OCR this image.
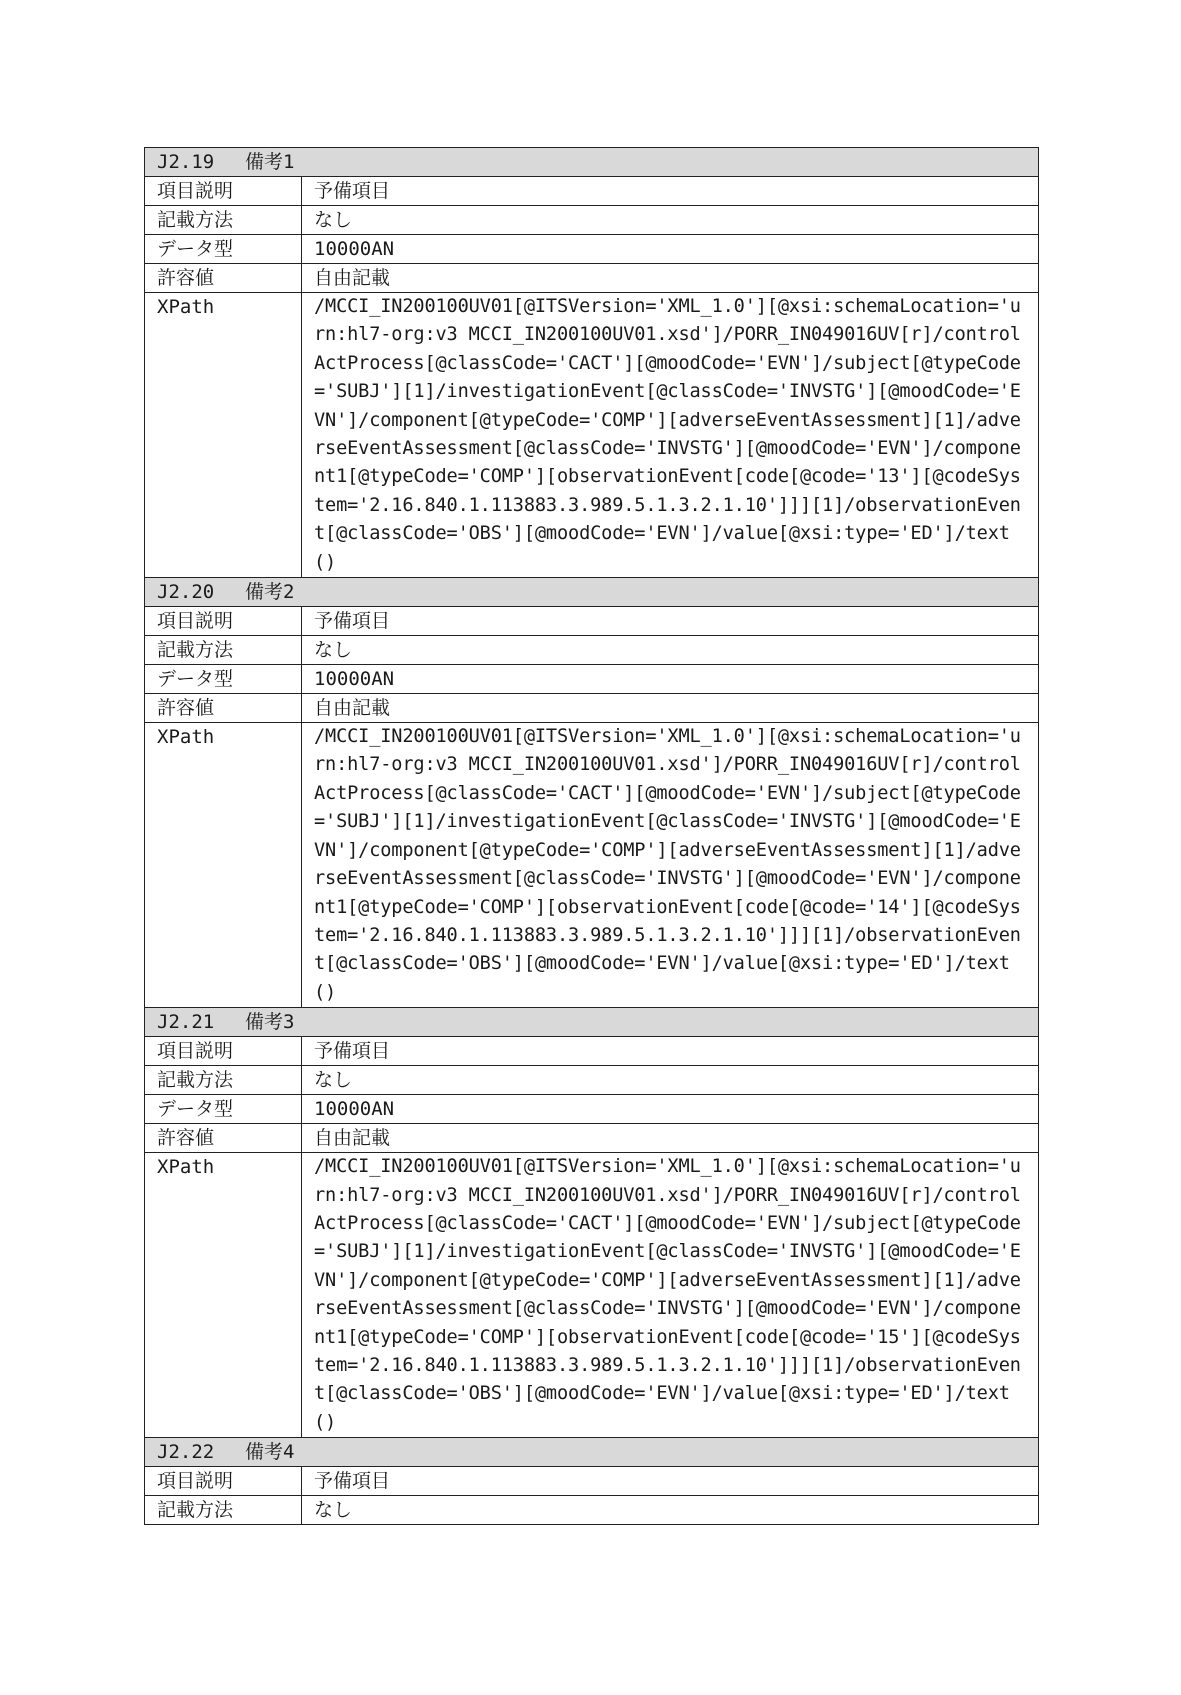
J2.19 備考1	
項目説明	予備項目
記載方法	なし
データ型	10000AN
許容値	自由記載
XPath	/MCCI_IN200100UV01[@ITSVersion='XML_1.0'][@xsi:schemaLocation='urn:hl7-org:v3 MCCI_IN200100UV01.xsd']/PORR_IN049016UV[r]/controlActProcess[@classCode='CACT'][@moodCode='EVN']/subject[@typeCode='SUBJ'][1]/investigationEvent[@classCode='INVSTG'][@moodCode='EVN']/component[@typeCode='COMP'][adverseEventAssessment][1]/adverseEventAssessment[@classCode='INVSTG'][@moodCode='EVN']/component1[@typeCode='COMP'][observationEvent[code[@code='13'][@codeSystem='2.16.840.1.113883.3.989.5.1.3.2.1.10']]][1]/observationEvent[@classCode='OBS'][@moodCode='EVN']/value[@xsi:type='ED']/text()
J2.20 備考2	
項目説明	予備項目
記載方法	なし
データ型	10000AN
許容値	自由記載
XPath	/MCCI_IN200100UV01[@ITSVersion='XML_1.0'][@xsi:schemaLocation='urn:hl7-org:v3 MCCI_IN200100UV01.xsd']/PORR_IN049016UV[r]/controlActProcess[@classCode='CACT'][@moodCode='EVN']/subject[@typeCode='SUBJ'][1]/investigationEvent[@classCode='INVSTG'][@moodCode='EVN']/component[@typeCode='COMP'][adverseEventAssessment][1]/adverseEventAssessment[@classCode='INVSTG'][@moodCode='EVN']/component1[@typeCode='COMP'][observationEvent[code[@code='14'][@codeSystem='2.16.840.1.113883.3.989.5.1.3.2.1.10']]][1]/observationEvent[@classCode='OBS'][@moodCode='EVN']/value[@xsi:type='ED']/text()
J2.21 備考3	
項目説明	予備項目
記載方法	なし
データ型	10000AN
許容値	自由記載
XPath	/MCCI_IN200100UV01[@ITSVersion='XML_1.0'][@xsi:schemaLocation='urn:hl7-org:v3 MCCI_IN200100UV01.xsd']/PORR_IN049016UV[r]/controlActProcess[@classCode='CACT'][@moodCode='EVN']/subject[@typeCode='SUBJ'][1]/investigationEvent[@classCode='INVSTG'][@moodCode='EVN']/component[@typeCode='COMP'][adverseEventAssessment][1]/adverseEventAssessment[@classCode='INVSTG'][@moodCode='EVN']/component1[@typeCode='COMP'][observationEvent[code[@code='15'][@codeSystem='2.16.840.1.113883.3.989.5.1.3.2.1.10']]][1]/observationEvent[@classCode='OBS'][@moodCode='EVN']/value[@xsi:type='ED']/text()
J2.22 備考4	
項目説明	予備項目
記載方法	なし
